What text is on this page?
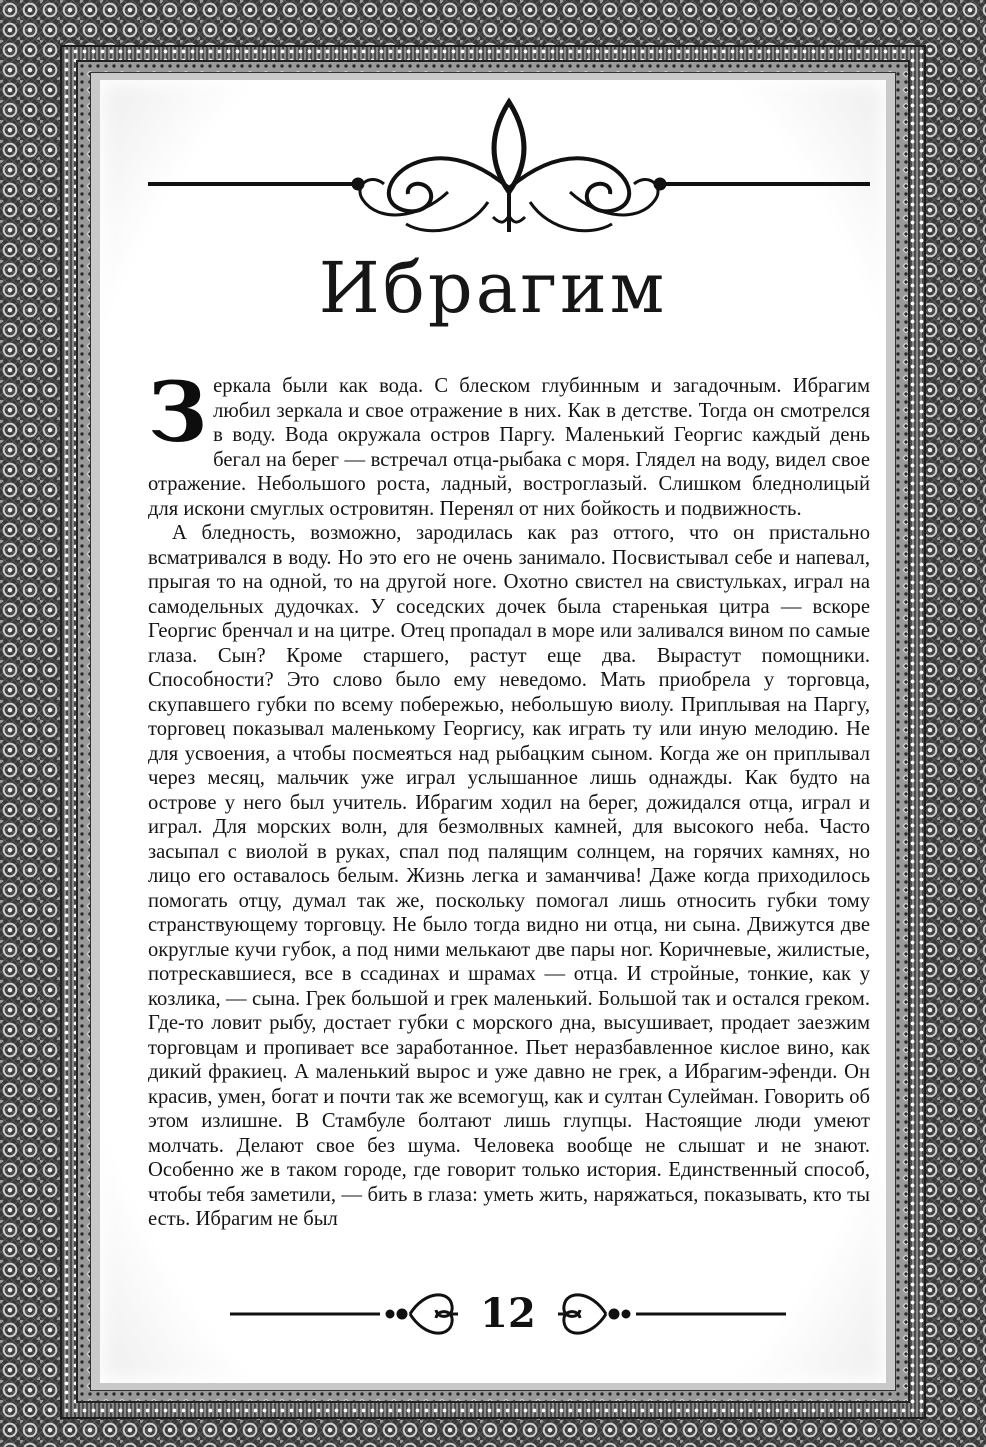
Ибрагим

Зеркала были как вода. С блеском глубинным и загадочным. Ибрагим любил зеркала и свое отражение в них. Как в детстве. Тогда он смотрелся в воду. Вода окружала остров Паргу. Маленький Георгис каждый день бегал на берег — встречал отца-рыбака с моря. Глядел на воду, видел свое отражение. Небольшого роста, ладный, востроглазый. Слишком бледнолицый для искони смуглых островитян. Перенял от них бойкость и подвижность.

А бледность, возможно, зародилась как раз оттого, что он пристально всматривался в воду. Но это его не очень занимало. Посвистывал себе и напевал, прыгая то на одной, то на другой ноге. Охотно свистел на свистульках, играл на самодельных дудочках. У соседских дочек была старенькая цитра — вскоре Георгис бренчал и на цитре. Отец пропадал в море или заливался вином по самые глаза. Сын? Кроме старшего, растут еще два. Вырастут помощники. Способности? Это слово было ему неведомо. Мать приобрела у торговца, скупавшего губки по всему побережью, небольшую виолу. Приплывая на Паргу, торговец показывал маленькому Георгису, как играть ту или иную мелодию. Не для усвоения, а чтобы посмеяться над рыбацким сыном. Когда же он приплывал через месяц, мальчик уже играл услышанное лишь однажды. Как будто на острове у него был учитель. Ибрагим ходил на берег, дожидался отца, играл и играл. Для морских волн, для безмолвных камней, для высокого неба. Часто засыпал с виолой в руках, спал под палящим солнцем, на горячих камнях, но лицо его оставалось белым. Жизнь легка и заманчива! Даже когда приходилось помогать отцу, думал так же, поскольку помогал лишь относить губки тому странствующему торговцу. Не было тогда видно ни отца, ни сына. Движутся две округлые кучи губок, а под ними мелькают две пары ног. Коричневые, жилистые, потрескавшиеся, все в ссадинах и шрамах — отца. И стройные, тонкие, как у козлика, — сына. Грек большой и грек маленький. Большой так и остался греком. Где-то ловит рыбу, достает губки с морского дна, высушивает, продает заезжим торговцам и пропивает все заработанное. Пьет неразбавленное кислое вино, как дикий фракиец. А маленький вырос и уже давно не грек, а Ибрагим-эфенди. Он красив, умен, богат и почти так же всемогущ, как и султан Сулейман. Говорить об этом излишне. В Стамбуле болтают лишь глупцы. Настоящие люди умеют молчать. Делают свое без шума. Человека вообще не слышат и не знают. Особенно же в таком городе, где говорит только история. Единственный способ, чтобы тебя заметили, — бить в глаза: уметь жить, наряжаться, показывать, кто ты есть. Ибрагим не был

12
